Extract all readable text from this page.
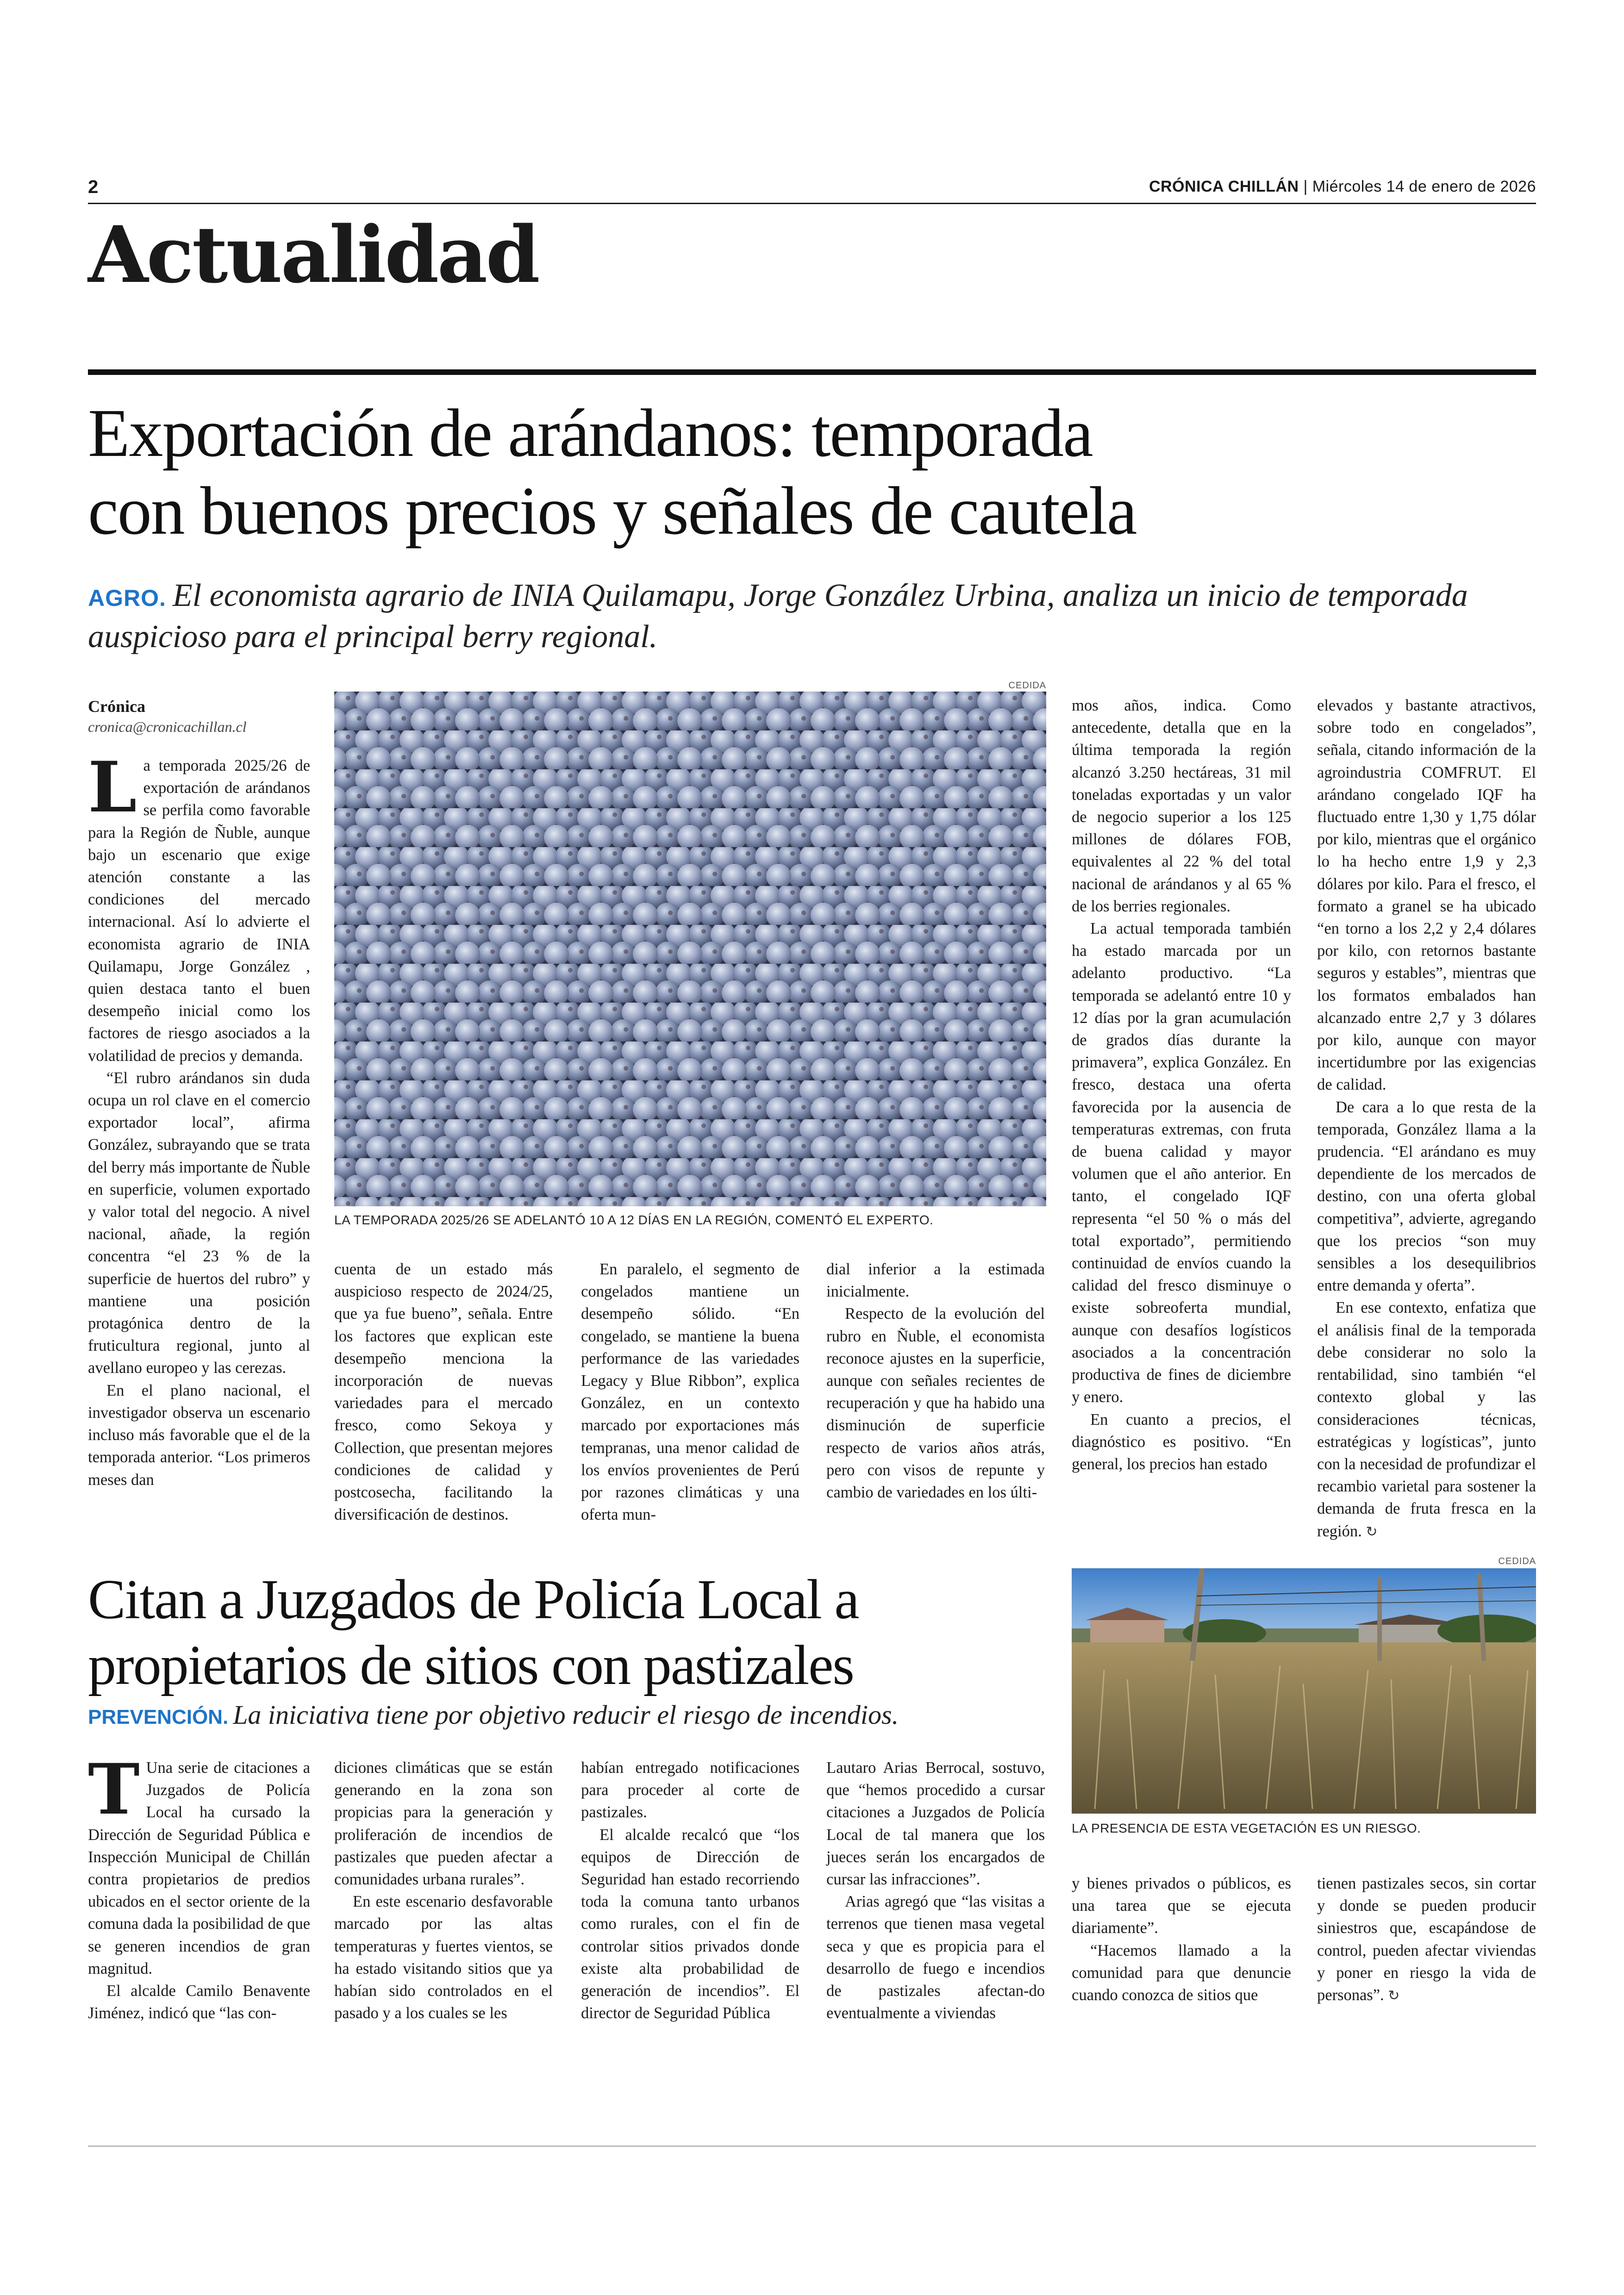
2	CRÓNICA CHILLÁN | Miércoles 14 de enero de 2026
Actualidad
Exportación de arándanos: temporada
con buenos precios y señales de cautela
AGRO. El economista agrario de INIA Quilamapu, Jorge González Urbina, analiza un inicio de temporada auspicioso para el principal berry regional.
Crónica
cronica@cronicachillan.cl

La temporada 2025/26 de exportación de arándanos se perfila como favorable para la Región de Ñuble, aunque bajo un escenario que exige atención constante a las condiciones del mercado internacional. Así lo advierte el economista agrario de INIA Quilamapu, Jorge González , quien destaca tanto el buen desempeño inicial como los factores de riesgo asociados a la volatilidad de precios y demanda.

“El rubro arándanos sin duda ocupa un rol clave en el comercio exportador local”, afirma González, subrayando que se trata del berry más importante de Ñuble en superficie, volumen exportado y valor total del negocio. A nivel nacional, añade, la región concentra “el 23 % de la superficie de huertos del rubro” y mantiene una posición protagónica dentro de la fruticultura regional, junto al avellano europeo y las cerezas.

En el plano nacional, el investigador observa un escenario incluso más favorable que el de la temporada anterior. “Los primeros meses dan

CEDIDA
LA TEMPORADA 2025/26 SE ADELANTÓ 10 A 12 DÍAS EN LA REGIÓN, COMENTÓ EL EXPERTO.

cuenta de un estado más auspicioso respecto de 2024/25, que ya fue bueno”, señala. Entre los factores que explican este desempeño menciona la incorporación de nuevas variedades para el mercado fresco, como Sekoya y Collection, que presentan mejores condiciones de calidad y postcosecha, facilitando la diversificación de destinos.

En paralelo, el segmento de congelados mantiene un desempeño sólido. “En congelado, se mantiene la buena performance de las variedades Legacy y Blue Ribbon”, explica González, en un contexto marcado por exportaciones más tempranas, una menor calidad de los envíos provenientes de Perú por razones climáticas y una oferta mun-

dial inferior a la estimada inicialmente.

Respecto de la evolución del rubro en Ñuble, el economista reconoce ajustes en la superficie, aunque con señales recientes de recuperación y que ha habido una disminución de superficie respecto de varios años atrás, pero con visos de repunte y cambio de variedades en los últi-

mos años, indica. Como antecedente, detalla que en la última temporada la región alcanzó 3.250 hectáreas, 31 mil toneladas exportadas y un valor de negocio superior a los 125 millones de dólares FOB, equivalentes al 22 % del total nacional de arándanos y al 65 % de los berries regionales.

La actual temporada también ha estado marcada por un adelanto productivo. “La temporada se adelantó entre 10 y 12 días por la gran acumulación de grados días durante la primavera”, explica González. En fresco, destaca una oferta favorecida por la ausencia de temperaturas extremas, con fruta de buena calidad y mayor volumen que el año anterior. En tanto, el congelado IQF representa “el 50 % o más del total exportado”, permitiendo continuidad de envíos cuando la calidad del fresco disminuye o existe sobreoferta mundial, aunque con desafíos logísticos asociados a la concentración productiva de fines de diciembre y enero.

En cuanto a precios, el diagnóstico es positivo. “En general, los precios han estado

elevados y bastante atractivos, sobre todo en congelados”, señala, citando información de la agroindustria COMFRUT. El arándano congelado IQF ha fluctuado entre 1,30 y 1,75 dólar por kilo, mientras que el orgánico lo ha hecho entre 1,9 y 2,3 dólares por kilo. Para el fresco, el formato a granel se ha ubicado “en torno a los 2,2 y 2,4 dólares por kilo, con retornos bastante seguros y estables”, mientras que los formatos embalados han alcanzado entre 2,7 y 3 dólares por kilo, aunque con mayor incertidumbre por las exigencias de calidad.

De cara a lo que resta de la temporada, González llama a la prudencia. “El arándano es muy dependiente de los mercados de destino, con una oferta global competitiva”, advierte, agregando que los precios “son muy sensibles a los desequilibrios entre demanda y oferta”.

En ese contexto, enfatiza que el análisis final de la temporada debe considerar no solo la rentabilidad, sino también “el contexto global y las consideraciones técnicas, estratégicas y logísticas”, junto con la necesidad de profundizar el recambio varietal para sostener la demanda de fruta fresca en la región. ↻

Citan a Juzgados de Policía Local a
propietarios de sitios con pastizales
PREVENCIÓN. La iniciativa tiene por objetivo reducir el riesgo de incendios.
CEDIDA
LA PRESENCIA DE ESTA VEGETACIÓN ES UN RIESGO.

T Una serie de citaciones a Juzgados de Policía Local ha cursado la Dirección de Seguridad Pública e Inspección Municipal de Chillán contra propietarios de predios ubicados en el sector oriente de la comuna dada la posibilidad de que se generen incendios de gran magnitud.

El alcalde Camilo Benavente Jiménez, indicó que “las con-

diciones climáticas que se están generando en la zona son propicias para la generación y proliferación de incendios de pastizales que pueden afectar a comunidades urbana rurales”.

En este escenario desfavorable marcado por las altas temperaturas y fuertes vientos, se ha estado visitando sitios que ya habían sido controlados en el pasado y a los cuales se les

habían entregado notificaciones para proceder al corte de pastizales.

El alcalde recalcó que “los equipos de Dirección de Seguridad han estado recorriendo toda la comuna tanto urbanos como rurales, con el fin de controlar sitios privados donde existe alta probabilidad de generación de incendios”. El director de Seguridad Pública

Lautaro Arias Berrocal, sostuvo, que “hemos procedido a cursar citaciones a Juzgados de Policía Local de tal manera que los jueces serán los encargados de cursar las infracciones”.

Arias agregó que “las visitas a terrenos que tienen masa vegetal seca y que es propicia para el desarrollo de fuego e incendios de pastizales afectan-do eventualmente a viviendas

y bienes privados o públicos, es una tarea que se ejecuta diariamente”.

“Hacemos llamado a la comunidad para que denuncie cuando conozca de sitios que

tienen pastizales secos, sin cortar y donde se pueden producir siniestros que, escapándose de control, pueden afectar viviendas y poner en riesgo la vida de personas”. ↻
